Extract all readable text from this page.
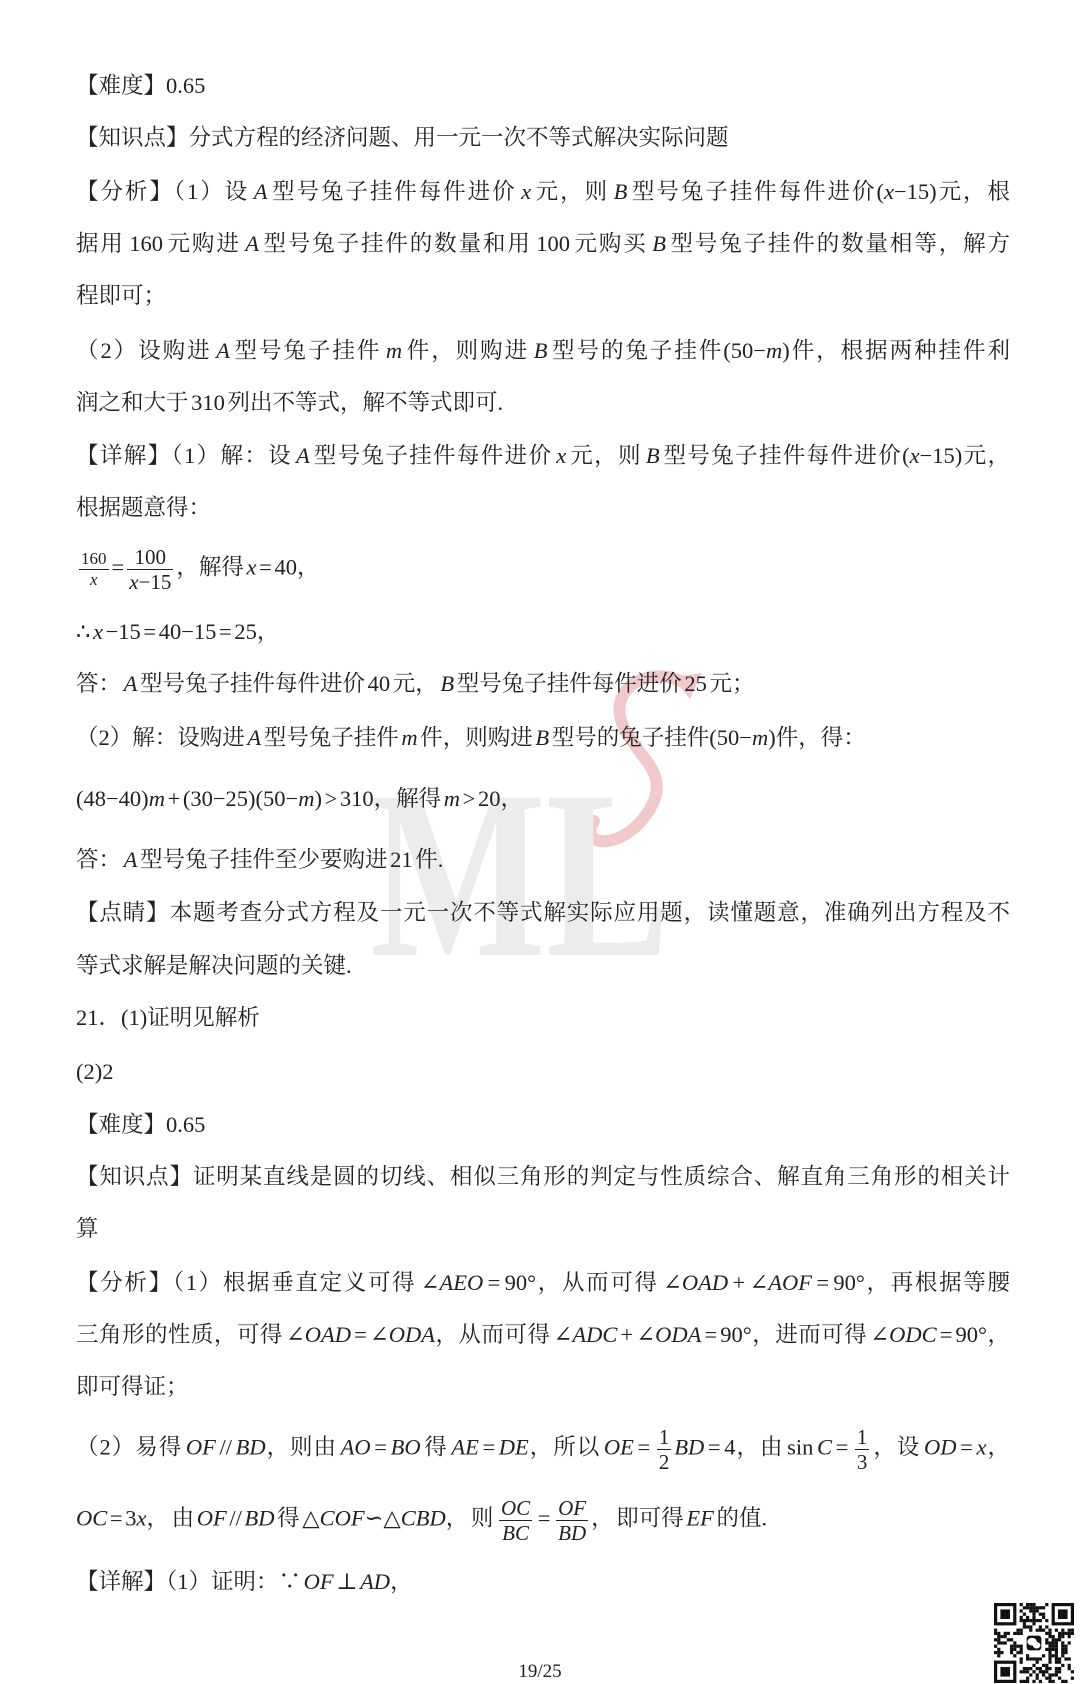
ML
【难度】0.65
【知识点】分式方程的经济问题、用一元一次不等式解决实际问题
【分析】（1）设 A 型号兔子挂件每件进价 x 元，则 B 型号兔子挂件每件进价(x−15)元，根
据用 160 元购进 A 型号兔子挂件的数量和用 100 元购买 B 型号兔子挂件的数量相等，解方
程即可；
（2）设购进 A 型号兔子挂件 m 件，则购进 B 型号的兔子挂件(50−m)件，根据两种挂件利
润之和大于 310 列出不等式，解不等式即可.
【详解】（1）解：设 A 型号兔子挂件每件进价 x 元，则 B 型号兔子挂件每件进价(x−15)元，
根据题意得：
$\frac{160}{x} = \frac{100}{x-15}$ ，解得 x = 40，
∴ x −15 = 40−15 = 25，
答： A 型号兔子挂件每件进价 40 元， B 型号兔子挂件每件进价 25 元；
（2）解：设购进 A 型号兔子挂件 m 件，则购进 B 型号的兔子挂件(50−m)件，得：
(48−40)m + (30−25)(50−m) > 310，解得 m > 20，
答： A 型号兔子挂件至少要购进 21 件.
【点睛】本题考查分式方程及一元一次不等式解实际应用题，读懂题意，准确列出方程及不
等式求解是解决问题的关键.
21．(1)证明见解析
(2)2
【难度】0.65
【知识点】证明某直线是圆的切线、相似三角形的判定与性质综合、解直角三角形的相关计
算
【分析】（1）根据垂直定义可得 ∠AEO = 90°，从而可得 ∠OAD + ∠AOF = 90°，再根据等腰
三角形的性质，可得 ∠OAD = ∠ODA，从而可得 ∠ADC + ∠ODA = 90°，进而可得 ∠ODC = 90°，
即可得证；
（2）易得 OF // BD，则由 AO = BO 得 AE = DE，所以 OE = $\frac{1}{2}$ BD = 4，由 $\sin C = \frac{1}{3}$ ，设 OD = x，
OC = 3x， 由 OF // BD 得 △COF∽△CBD， 则 $\frac{OC}{BC} = \frac{OF}{BD}$ ， 即可得 EF 的值.
【详解】（1）证明：∵ OF ⊥ AD，
19/25
